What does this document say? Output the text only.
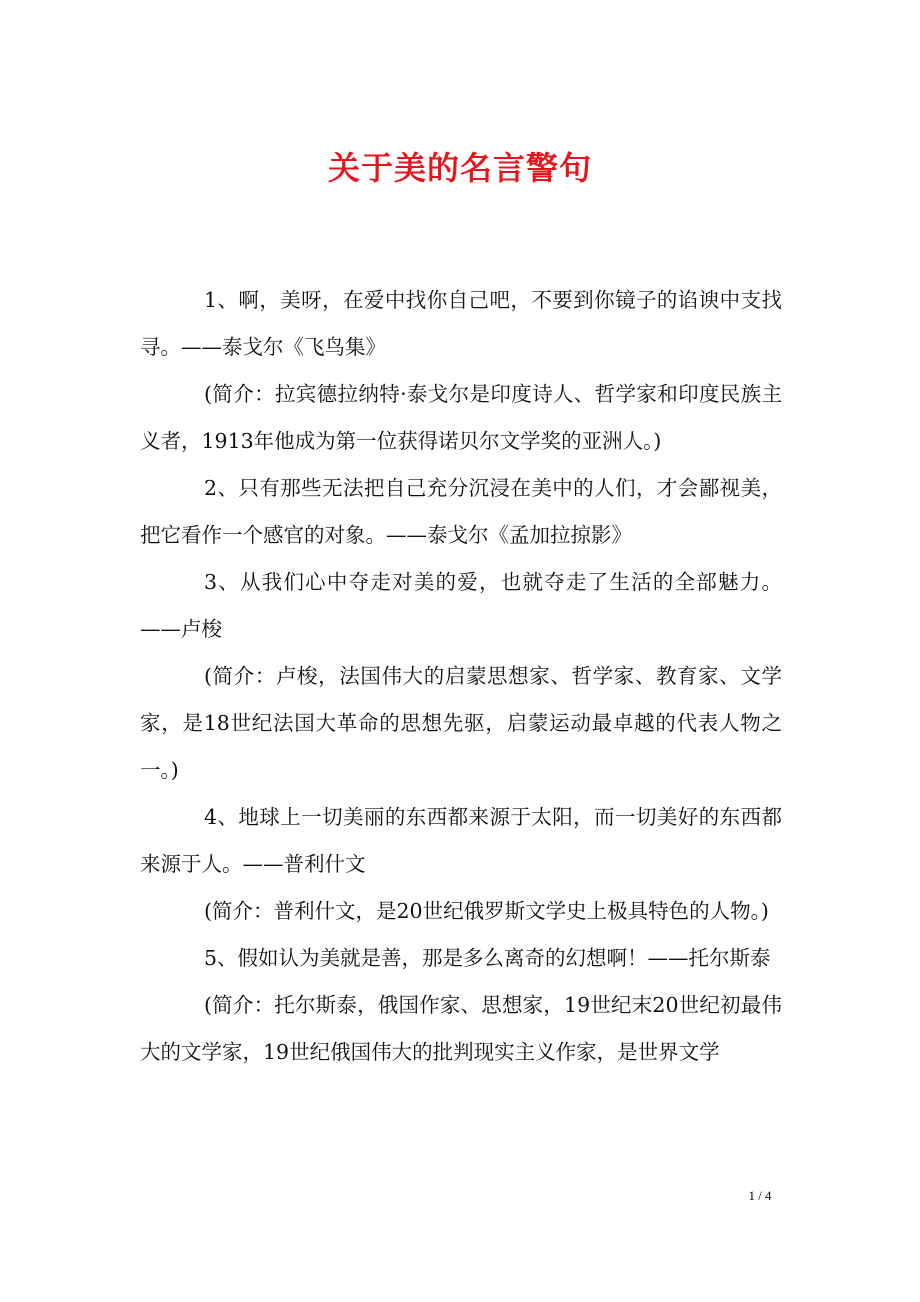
关于美的名言警句

1、啊，美呀，在爱中找你自己吧，不要到你镜子的谄谀中支找寻。——泰戈尔《飞鸟集》

(简介：拉宾德拉纳特·泰戈尔是印度诗人、哲学家和印度民族主义者，1913年他成为第一位获得诺贝尔文学奖的亚洲人。)

2、只有那些无法把自己充分沉浸在美中的人们，才会鄙视美，把它看作一个感官的对象。——泰戈尔《孟加拉掠影》

3、从我们心中夺走对美的爱，也就夺走了生活的全部魅力。——卢梭

(简介：卢梭，法国伟大的启蒙思想家、哲学家、教育家、文学家，是18世纪法国大革命的思想先驱，启蒙运动最卓越的代表人物之一。)

4、地球上一切美丽的东西都来源于太阳，而一切美好的东西都来源于人。——普利什文

(简介：普利什文，是20世纪俄罗斯文学史上极具特色的人物。)

5、假如认为美就是善，那是多么离奇的幻想啊！——托尔斯泰

(简介：托尔斯泰，俄国作家、思想家，19世纪末20世纪初最伟大的文学家，19世纪俄国伟大的批判现实主义作家，是世界文学

1 / 4
